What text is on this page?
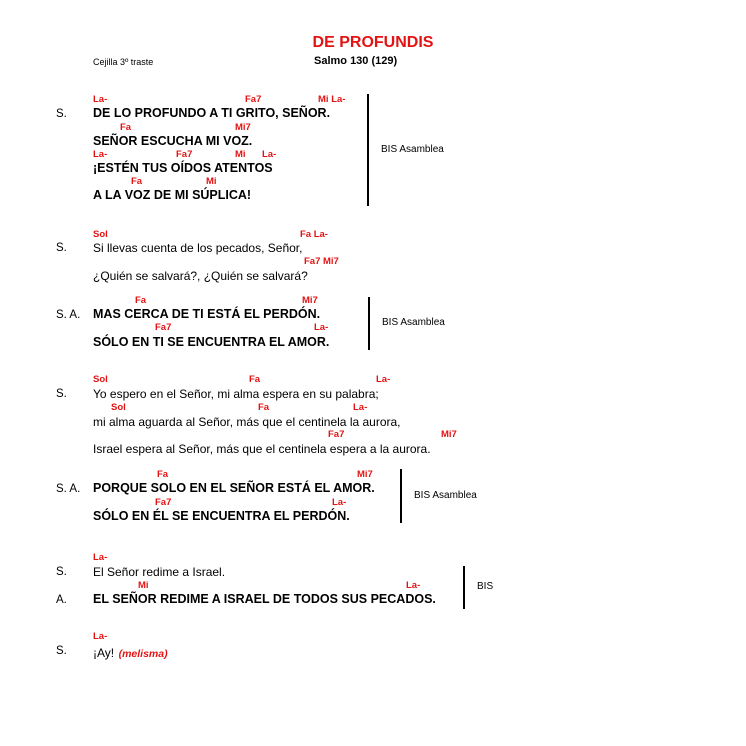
DE PROFUNDIS
Cejilla 3º traste	Salmo 130 (129)
La-	Fa7	Mi La-
S. DE LO PROFUNDO A TI GRITO, SEÑOR.
Fa	Mi7
SEÑOR ESCUCHA MI VOZ.
La-	Fa7	Mi La-
¡ESTÉN TUS OÍDOS ATENTOS
Fa	Mi
A LA VOZ DE MI SÚPLICA!
BIS Asamblea
Sol	Fa La-
S. Si llevas cuenta de los pecados, Señor,
Fa7 Mi7
¿Quién se salvará?, ¿Quién se salvará?
Fa	Mi7
S. A. MAS CERCA DE TI ESTÁ EL PERDÓN.
Fa7	La-
SÓLO EN TI SE ENCUENTRA EL AMOR.
BIS Asamblea
Sol	Fa	La-
S. Yo espero en el Señor, mi alma espera en su palabra;
Sol	Fa	La-
mi alma aguarda al Señor, más que el centinela la aurora,
Fa7	Mi7
Israel espera al Señor, más que el centinela espera a la aurora.
Fa	Mi7
S. A. PORQUE SOLO EN EL SEÑOR ESTÁ EL AMOR.
Fa7	La-
SÓLO EN ÉL SE ENCUENTRA EL PERDÓN.
BIS Asamblea
La-
S. El Señor redime a Israel.
Mi	La-
A. EL SEÑOR REDIME A ISRAEL DE TODOS SUS PECADOS.
BIS
La-
S. ¡Ay! (melisma)
